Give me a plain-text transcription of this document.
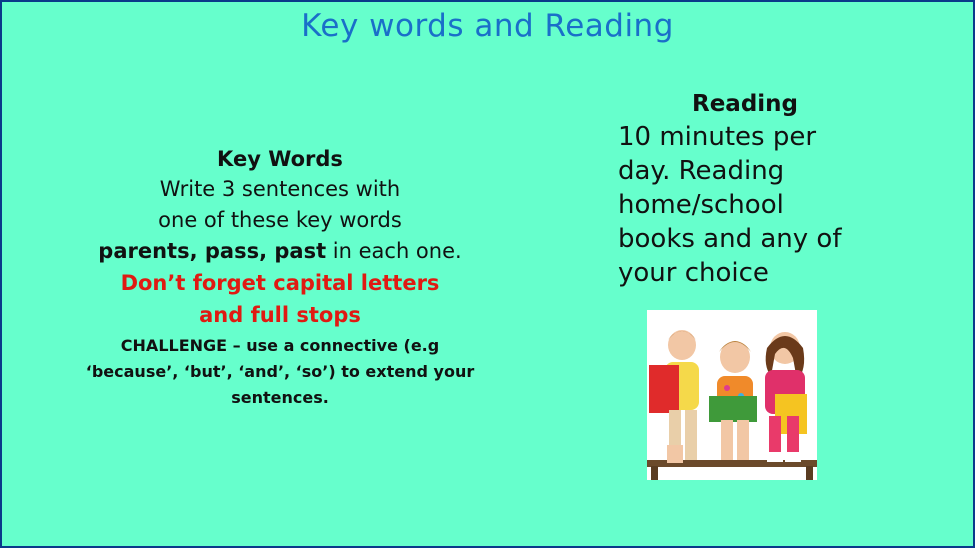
Key words and Reading
Key Words
Write 3 sentences with
one of these key words
parents, pass, past in each one.
Don’t forget capital letters
and full stops
CHALLENGE – use a connective (e.g
‘because’, ‘but’, ‘and’, ‘so’) to extend your
sentences.
Reading
10 minutes per
day. Reading
home/school
books and any of
your choice
